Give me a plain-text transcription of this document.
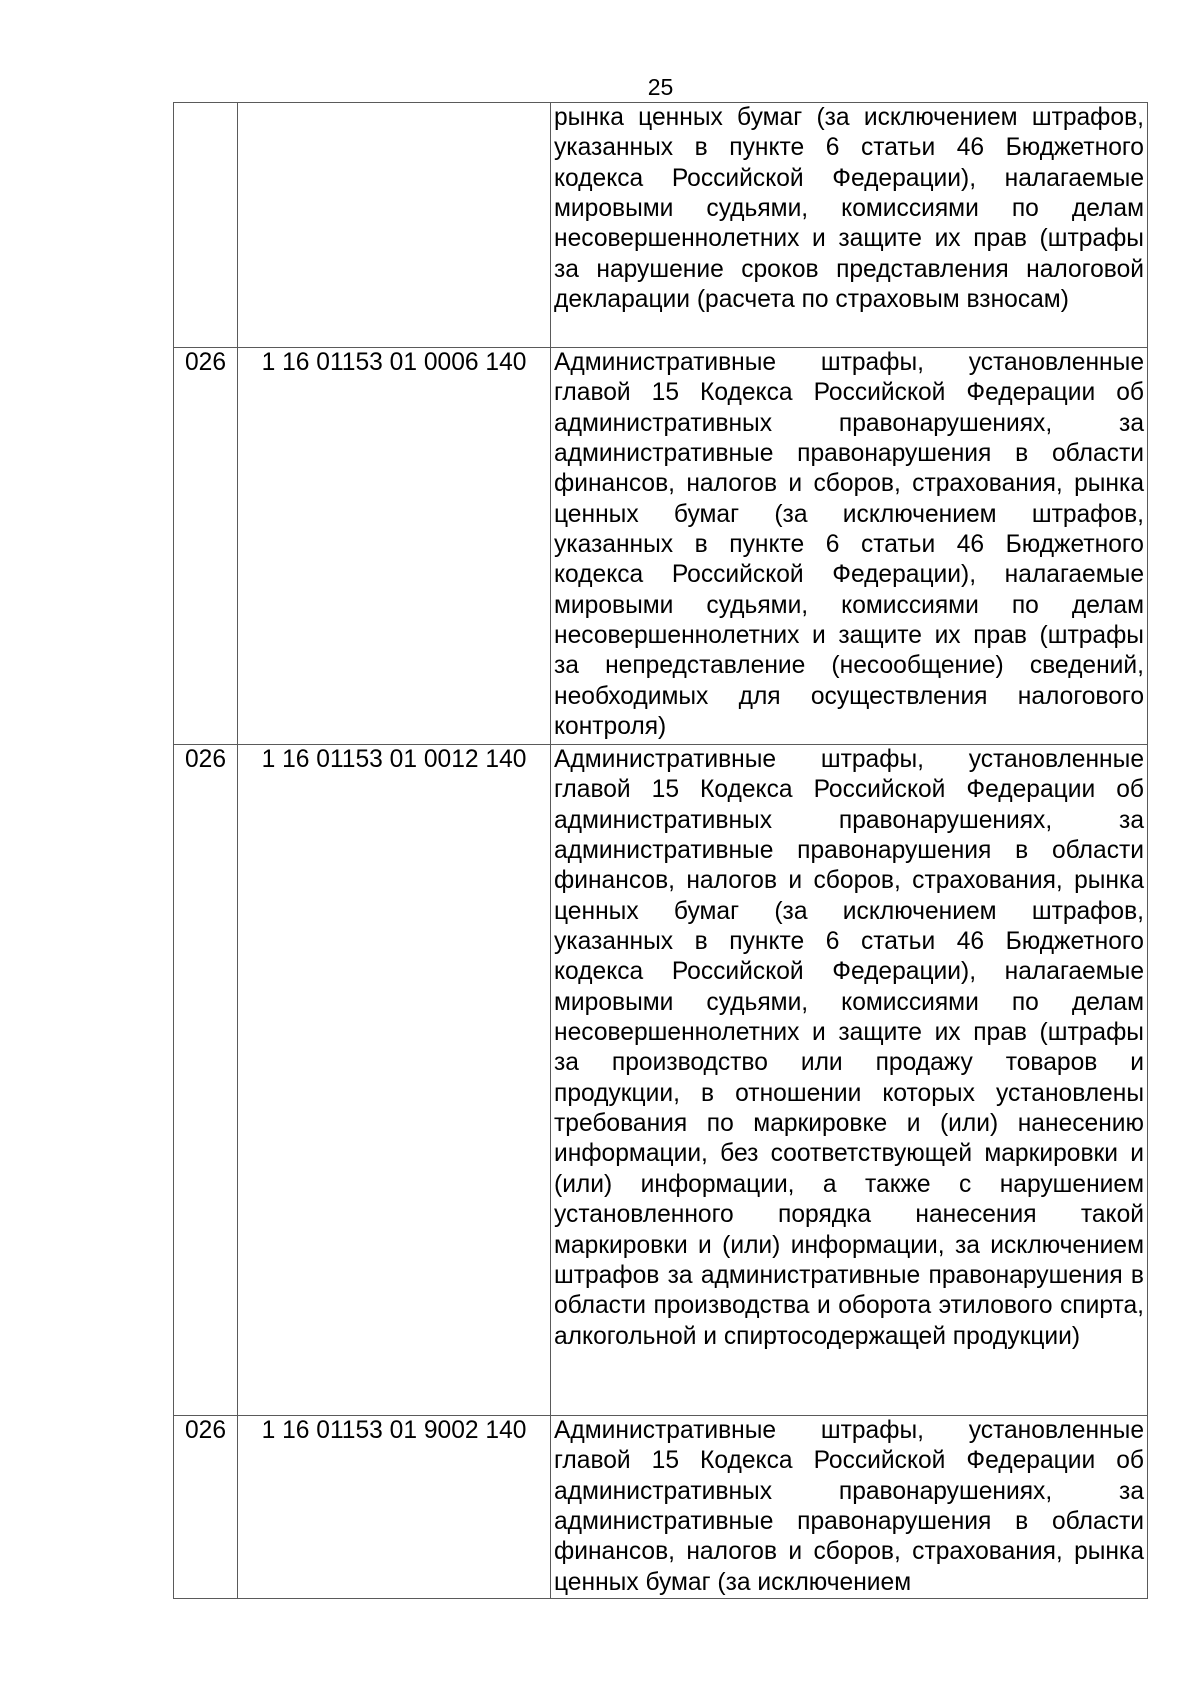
25
		рынка ценных бумаг (за исключением штрафов, указанных в пункте 6 статьи 46 Бюджетного кодекса Российской Федерации), налагаемые мировыми судьями, комиссиями по делам несовершеннолетних и защите их прав (штрафы за нарушение сроков представления налоговой декларации (расчета по страховым взносам)
026	1 16 01153 01 0006 140	Административные штрафы, установленные главой 15 Кодекса Российской Федерации об административных правонарушениях, за административные правонарушения в области финансов, налогов и сборов, страхования, рынка ценных бумаг (за исключением штрафов, указанных в пункте 6 статьи 46 Бюджетного кодекса Российской Федерации), налагаемые мировыми судьями, комиссиями по делам несовершеннолетних и защите их прав (штрафы за непредставление (несообщение) сведений, необходимых для осуществления налогового контроля)
026	1 16 01153 01 0012 140	Административные штрафы, установленные главой 15 Кодекса Российской Федерации об административных правонарушениях, за административные правонарушения в области финансов, налогов и сборов, страхования, рынка ценных бумаг (за исключением штрафов, указанных в пункте 6 статьи 46 Бюджетного кодекса Российской Федерации), налагаемые мировыми судьями, комиссиями по делам несовершеннолетних и защите их прав (штрафы за производство или продажу товаров и продукции, в отношении которых установлены требования по маркировке и (или) нанесению информации, без соответствующей маркировки и (или) информации, а также с нарушением установленного порядка нанесения такой маркировки и (или) информации, за исключением штрафов за административные правонарушения в области производства и оборота этилового спирта, алкогольной и спиртосодержащей продукции)
026	1 16 01153 01 9002 140	Административные штрафы, установленные главой 15 Кодекса Российской Федерации об административных правонарушениях, за административные правонарушения в области финансов, налогов и сборов, страхования, рынка ценных бумаг (за исключением
